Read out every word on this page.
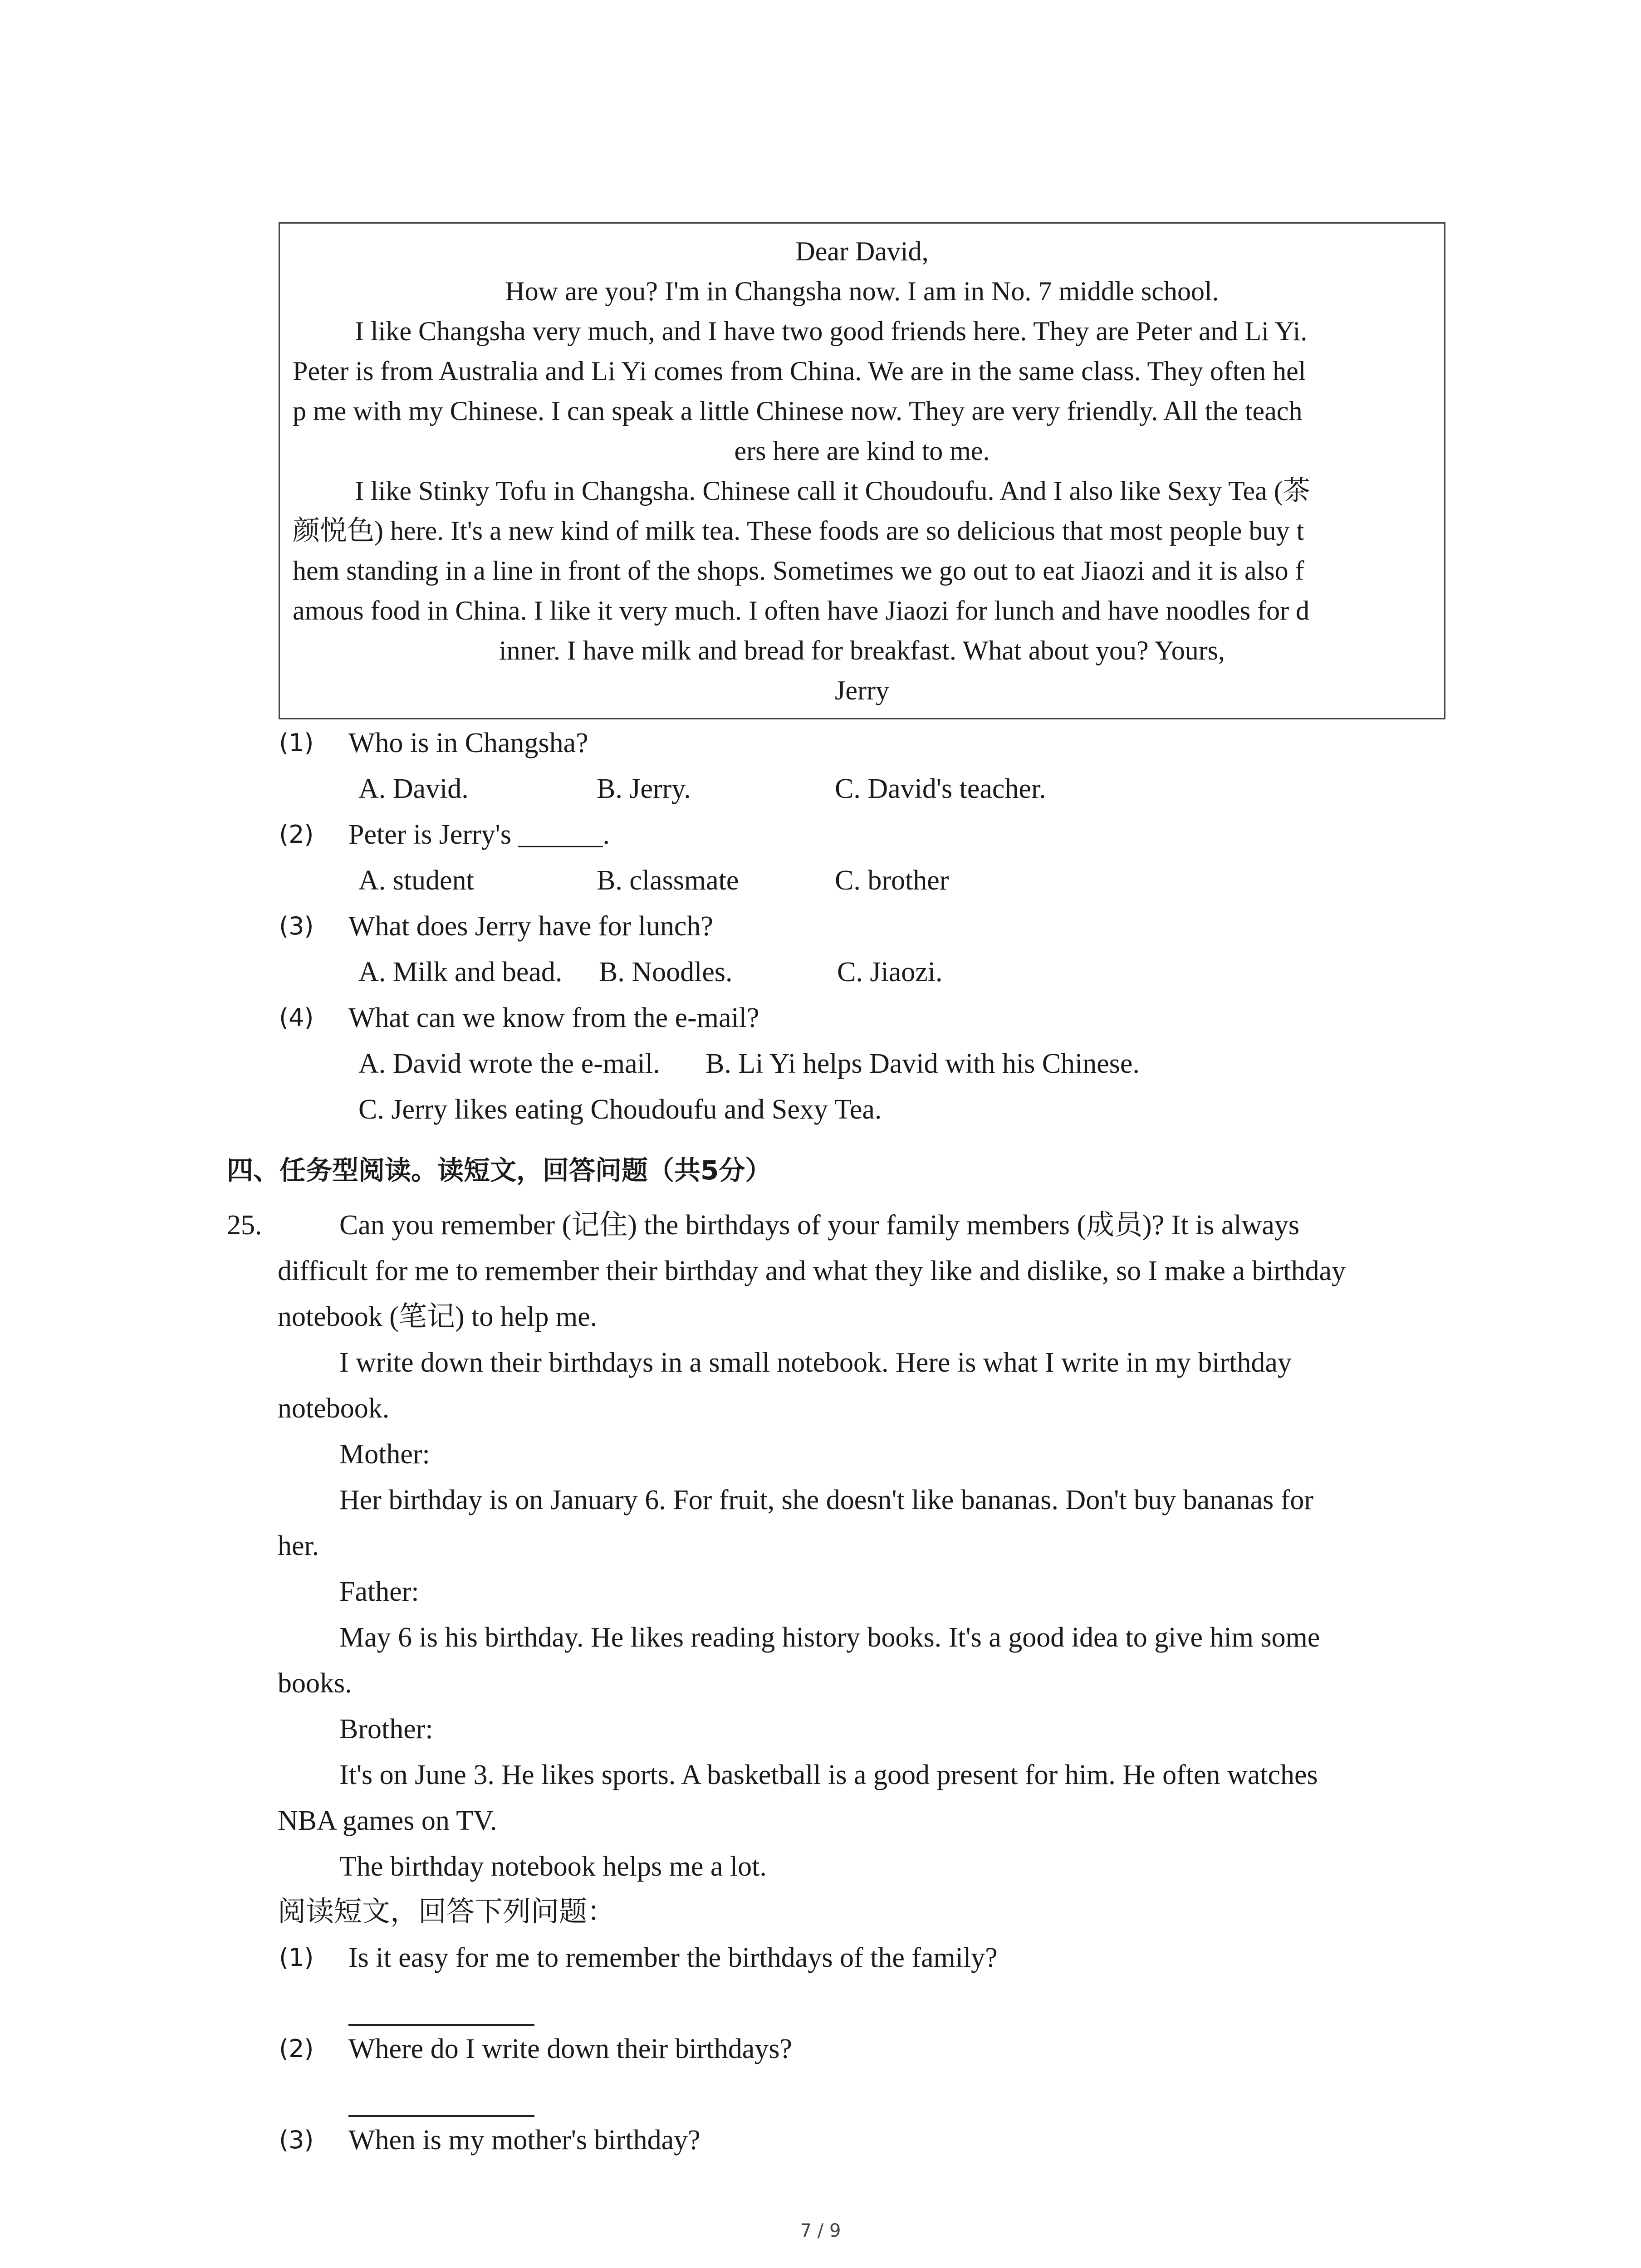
Dear David,
How are you? I'm in Changsha now. I am in No. 7 middle school.
I like Changsha very much, and I have two good friends here. They are Peter and Li Yi.
Peter is from Australia and Li Yi comes from China. We are in the same class. They often hel
p me with my Chinese. I can speak a little Chinese now. They are very friendly. All the teach
ers here are kind to me.
I like Stinky Tofu in Changsha. Chinese call it Choudoufu. And I also like Sexy Tea (茶
颜悦色) here. It's a new kind of milk tea. These foods are so delicious that most people buy t
hem standing in a line in front of the shops. Sometimes we go out to eat Jiaozi and it is also f
amous food in China. I like it very much. I often have Jiaozi for lunch and have noodles for d
inner. I have milk and bread for breakfast. What about you? Yours,
Jerry
(1) Who is in Changsha?
A. David.	B. Jerry.	C. David's teacher.
(2) Peter is Jerry's ______.
A. student	B. classmate	C. brother
(3) What does Jerry have for lunch?
A. Milk and bead. B. Noodles.	C. Jiaozi.
(4) What can we know from the e-mail?
A. David wrote the e-mail. B. Li Yi helps David with his Chinese.
C. Jerry likes eating Choudoufu and Sexy Tea.
四、任务型阅读。读短文，回答问题（共5分）
25.	Can you remember (记住) the birthdays of your family members (成员)? It is always
difficult for me to remember their birthday and what they like and dislike, so I make a birthday
notebook (笔记) to help me.
I write down their birthdays in a small notebook. Here is what I write in my birthday
notebook.
Mother:
Her birthday is on January 6. For fruit, she doesn't like bananas. Don't buy bananas for
her.
Father:
May 6 is his birthday. He likes reading history books. It's a good idea to give him some
books.
Brother:
It's on June 3. He likes sports. A basketball is a good present for him. He often watches
NBA games on TV.
The birthday notebook helps me a lot.
阅读短文，回答下列问题：
(1) Is it easy for me to remember the birthdays of the family?
(2) Where do I write down their birthdays?
(3) When is my mother's birthday?
7 / 9
